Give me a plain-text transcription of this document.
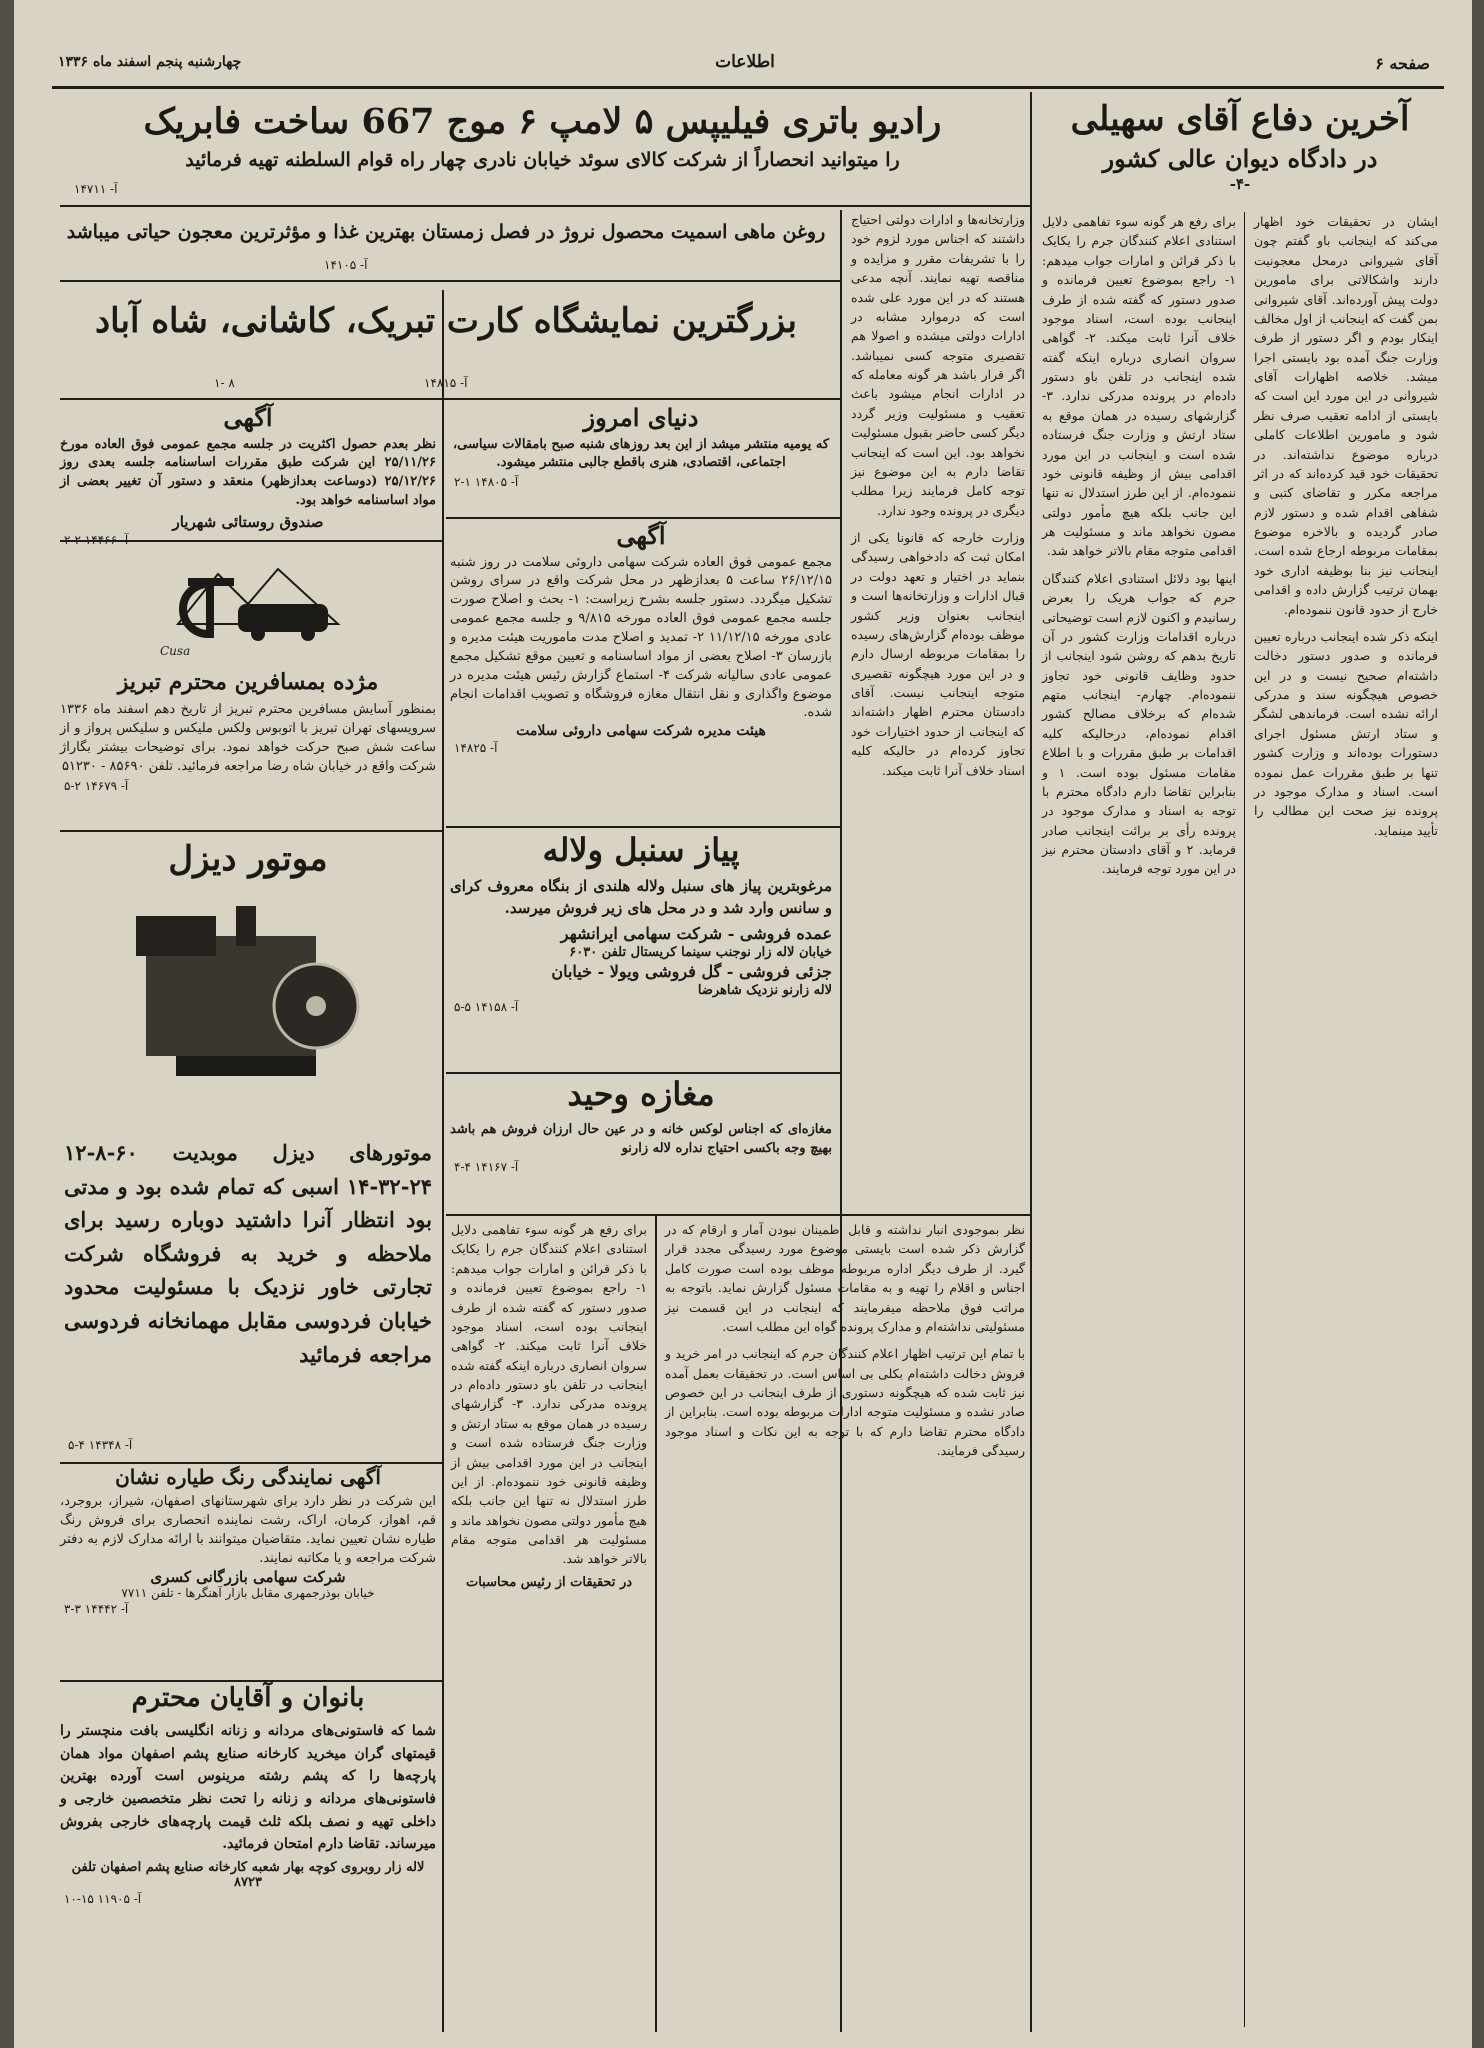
صفحه ۶
اطلاعات
چهارشنبه پنجم اسفند ماه ۱۳۳۶
آخرین دفاع آقای سهیلی
در دادگاه دیوان عالی کشور
-۴-

ایشان در تحقیقات خود اظهار می‌کند که اینجانب باو گفتم چون آقای شیروانی درمحل معجونیت دارند واشکالاتی برای مامورین دولت پیش آورده‌اند. آقای شیروانی بمن گفت که اینجانب از اول مخالف اینکار بودم و اگر دستور از طرف وزارت جنگ آمده بود بایستی اجرا میشد. خلاصه اظهارات آقای شیروانی در این مورد این است که بایستی از ادامه تعقیب صرف نظر شود و مامورین اطلاعات کاملی درباره موضوع نداشته‌اند. در تحقیقات خود قید کرده‌اند که در اثر مراجعه مکرر و تقاضای کتبی و شفاهی اقدام شده و دستور لازم صادر گردیده و بالاخره موضوع بمقامات مربوطه ارجاع شده است. اینجانب نیز بنا بوظیفه اداری خود بهمان ترتیب گزارش داده و اقدامی خارج از حدود قانون ننموده‌ام.

اینکه ذکر شده اینجانب درباره تعیین فرمانده و صدور دستور دخالت داشته‌ام صحیح نیست و در این خصوص هیچگونه سند و مدرکی ارائه نشده است. فرماندهی لشگر و ستاد ارتش مسئول اجرای دستورات بوده‌اند و وزارت کشور تنها بر طبق مقررات عمل نموده است. اسناد و مدارک موجود در پرونده نیز صحت این مطالب را تأیید مینماید.

برای رفع هر گونه سوء تفاهمی دلایل استنادی اعلام کنندگان جرم را یکایک با ذکر قرائن و امارات جواب میدهم: ۱- راجع بموضوع تعیین فرمانده و صدور دستور که گفته شده از طرف اینجانب بوده است، اسناد موجود خلاف آنرا ثابت میکند. ۲- گواهی سروان انصاری درباره اینکه گفته شده اینجانب در تلفن باو دستور داده‌ام در پرونده مدرکی ندارد. ۳- گزارشهای رسیده در همان موقع به ستاد ارتش و وزارت جنگ فرستاده شده است و اینجانب در این مورد اقدامی بیش از وظیفه قانونی خود ننموده‌ام. از این طرز استدلال نه تنها این جانب بلکه هیچ مأمور دولتی مصون نخواهد ماند و مسئولیت هر اقدامی متوجه مقام بالاتر خواهد شد.

اینها بود دلائل استنادی اعلام کنندگان جرم که جواب هریک را بعرض رسانیدم و اکنون لازم است توضیحاتی درباره اقدامات وزارت کشور در آن تاریخ بدهم که روشن شود اینجانب از حدود وظایف قانونی خود تجاوز ننموده‌ام. چهارم- اینجانب متهم شده‌ام که برخلاف مصالح کشور اقدام نموده‌ام، درحالیکه کلیه اقدامات بر طبق مقررات و با اطلاع مقامات مسئول بوده است. ۱ و بنابراین تقاضا دارم دادگاه محترم با توجه به اسناد و مدارک موجود در پرونده رأی بر برائت اینجانب صادر فرماید. ۲ و آقای دادستان محترم نیز در این مورد توجه فرمایند.

رادیو باتری فیلیپس ۵ لامپ ۶ موج 667 ساخت فابریک
را میتوانید انحصاراً از شرکت کالای سوئد خیابان نادری چهار راه قوام السلطنه تهیه فرمائید
آ- ۱۴۷۱۱

وزارتخانه‌ها و ادارات دولتی احتیاج داشتند که اجناس مورد لزوم خود را با تشریفات مقرر و مزایده و مناقصه تهیه نمایند. آنچه مدعی هستند که در این مورد علی شده است که درموارد مشابه در ادارات دولتی میشده و اصولا هم تقصیری متوجه کسی نمیباشد. اگر قرار باشد هر گونه معامله که در ادارات انجام میشود باعث تعقیب و مسئولیت وزیر گردد دیگر کسی حاضر بقبول مسئولیت نخواهد بود. این است که اینجانب تقاضا دارم به این موضوع نیز توجه کامل فرمایند زیرا مطلب دیگری در پرونده وجود ندارد.

وزارت خارجه که قانونا یکی از امکان ثبت که دادخواهی رسیدگی بنماید در اختیار و تعهد دولت در قبال ادارات و وزارتخانه‌ها است و اینجانب بعنوان وزیر کشور موظف بوده‌ام گزارش‌های رسیده را بمقامات مربوطه ارسال دارم و در این مورد هیچگونه تقصیری متوجه اینجانب نیست. آقای دادستان محترم اظهار داشته‌اند که اینجانب از حدود اختیارات خود تجاوز کرده‌ام در حالیکه کلیه اسناد خلاف آنرا ثابت میکند.

روغن ماهی اسمیت محصول نروژ در فصل زمستان بهترین غذا و مؤثرترین معجون حیاتی میباشد
آ- ۱۴۱۰۵
بزرگترین نمایشگاه کارت تبریک، کاشانی، شاه آباد
آ- ۱۴۸۱۵
۱- ۸
دنیای امروز

که یومیه منتشر میشد از این بعد روزهای شنبه صبح بامقالات سیاسی، اجتماعی، اقتصادی، هنری باقطع جالبی منتشر میشود.

آ- ۱۴۸۰۵ ۱-۲
آگهی

نظر بعدم حصول اکثریت در جلسه مجمع عمومی فوق العاده مورخ ۲۵/۱۱/۲۶ این شرکت طبق مقررات اساسنامه جلسه بعدی روز ۲۵/۱۲/۲۶ (دوساعت بعدازظهر) منعقد و دستور آن تغییر بعضی از مواد اساسنامه خواهد بود.

صندوق روستائی شهریار	آگهی

مجمع عمومی فوق العاده شرکت سهامی داروئی سلامت در روز شنبه ۲۶/۱۲/۱۵ ساعت ۵ بعدازظهر در محل شرکت واقع در سرای روشن تشکیل میگردد. دستور جلسه بشرح زیراست: ۱- بحث و اصلاح صورت جلسه مجمع عمومی فوق العاده مورخه ۹/۸۱۵ و جلسه مجمع عمومی عادی مورخه ۱۱/۱۲/۱۵ ۲- تمدید و اصلاح مدت ماموریت هیئت مدیره و بازرسان ۳- اصلاح بعضی از مواد اساسنامه و تعیین موقع تشکیل مجمع عمومی عادی سالیانه شرکت ۴- استماع گزارش رئیس هیئت مدیره در موضوع واگذاری و نقل انتقال مغازه فروشگاه و تصویب اقدامات انجام شده.

هیئت مدیره شرکت سهامی داروئی سلامت
آ- ۱۴۸۲۵
Cusa
مژده بمسافرین محترم تبریز

بمنظور آسایش مسافرین محترم تبریز از تاریخ دهم اسفند ماه ۱۳۳۶ سرویسهای تهران تبریز با اتوبوس ولکس ملیکس و سلیکس پرواز و از ساعت شش صبح حرکت خواهد نمود. برای توضیحات بیشتر بگاراژ شرکت واقع در خیابان شاه رضا مراجعه فرمائید. تلفن ۸۵۶۹۰ - ۵۱۲۳۰

آ- ۱۴۶۷۹ ۲-۵
پیاز سنبل ولاله

مرغوبترین پیاز های سنبل ولاله هلندی از بنگاه معروف کرای و سانس وارد شد و در محل های زیر فروش میرسد.

عمده فروشی - شرکت سهامی ایرانشهر
خیابان لاله زار نوجنب سینما کریستال تلفن ۶۰۳۰
جزئی فروشی - گل فروشی ویولا - خیابان
لاله زارنو نزدیک شاهرضا
آ- ۱۴۱۵۸ ۵-۵
مغازه وحید

مغازه‌ای که اجناس لوکس خانه و در عین حال ارزان فروش هم باشد بهیچ وجه باکسی احتیاج نداره لاله زارنو

آ- ۱۴۱۶۷ ۴-۴
موتور دیزل

موتورهای دیزل موبدیت ۶۰-۸-۱۲ ۲۴-۳۲-۱۴ اسبی که تمام شده بود و مدتی بود انتظار آنرا داشتید دوباره رسید برای ملاحظه و خرید به فروشگاه شرکت تجارتی خاور نزدیک با مسئولیت محدود خیابان فردوسی مقابل مهمانخانه فردوسی مراجعه فرمائید

آ- ۱۴۳۴۸ ۴-۵
آگهی نمایندگی رنگ طیاره نشان

این شرکت در نظر دارد برای شهرستانهای اصفهان، شیراز، بروجرد، قم، اهواز، کرمان، اراک، رشت نماینده انحصاری برای فروش رنگ طیاره نشان تعیین نماید. متقاضیان میتوانند با ارائه مدارک لازم به دفتر شرکت مراجعه و یا مکاتبه نمایند.

شرکت سهامی بازرگانی کسری
خیابان بوذرجمهری مقابل بازار آهنگرها - تلفن ۷۷۱۱
آ- ۱۴۴۴۲ ۳-۳
بانوان و آقایان محترم

شما که فاستونی‌های مردانه و زنانه انگلیسی بافت منچستر را قیمتهای گران میخرید کارخانه صنایع پشم اصفهان مواد همان پارچه‌ها را که پشم رشته مرینوس است آورده بهترین فاستونی‌های مردانه و زنانه را تحت نظر متخصصین خارجی و داخلی تهیه و نصف بلکه ثلث قیمت پارچه‌های خارجی بفروش میرساند. تقاضا دارم امتحان فرمائید.

لاله زار روبروی کوچه بهار شعبه کارخانه صنایع پشم اصفهان تلفن ۸۷۲۳
آ- ۱۱۹۰۵ ۱۵-۱۰

نظر بموجودی انبار نداشته و قابل اطمینان نبودن آمار و ارقام که در گزارش ذکر شده است بایستی موضوع مورد رسیدگی مجدد قرار گیرد. از طرف دیگر اداره مربوطه موظف بوده است صورت کامل اجناس و اقلام را تهیه و به مقامات مسئول گزارش نماید. باتوجه به مراتب فوق ملاحظه میفرمایند که اینجانب در این قسمت نیز مسئولیتی نداشته‌ام و مدارک پرونده گواه این مطلب است.

با تمام این ترتیب اظهار اعلام کنندگان جرم که اینجانب در امر خرید و فروش دخالت داشته‌ام بکلی بی اساس است. در تحقیقات بعمل آمده نیز ثابت شده که هیچگونه دستوری از طرف اینجانب در این خصوص صادر نشده و مسئولیت متوجه ادارات مربوطه بوده است. بنابراین از دادگاه محترم تقاضا دارم که با توجه به این نکات و اسناد موجود رسیدگی فرمایند.

برای رفع هر گونه سوء تفاهمی دلایل استنادی اعلام کنندگان جرم را یکایک با ذکر قرائن و امارات جواب میدهم: ۱- راجع بموضوع تعیین فرمانده و صدور دستور که گفته شده از طرف اینجانب بوده است، اسناد موجود خلاف آنرا ثابت میکند. ۲- گواهی سروان انصاری درباره اینکه گفته شده اینجانب در تلفن باو دستور داده‌ام در پرونده مدرکی ندارد. ۳- گزارشهای رسیده در همان موقع به ستاد ارتش و وزارت جنگ فرستاده شده است و اینجانب در این مورد اقدامی بیش از وظیفه قانونی خود ننموده‌ام. از این طرز استدلال نه تنها این جانب بلکه هیچ مأمور دولتی مصون نخواهد ماند و مسئولیت هر اقدامی متوجه مقام بالاتر خواهد شد.

در تحقیقات از رئیس محاسبات
